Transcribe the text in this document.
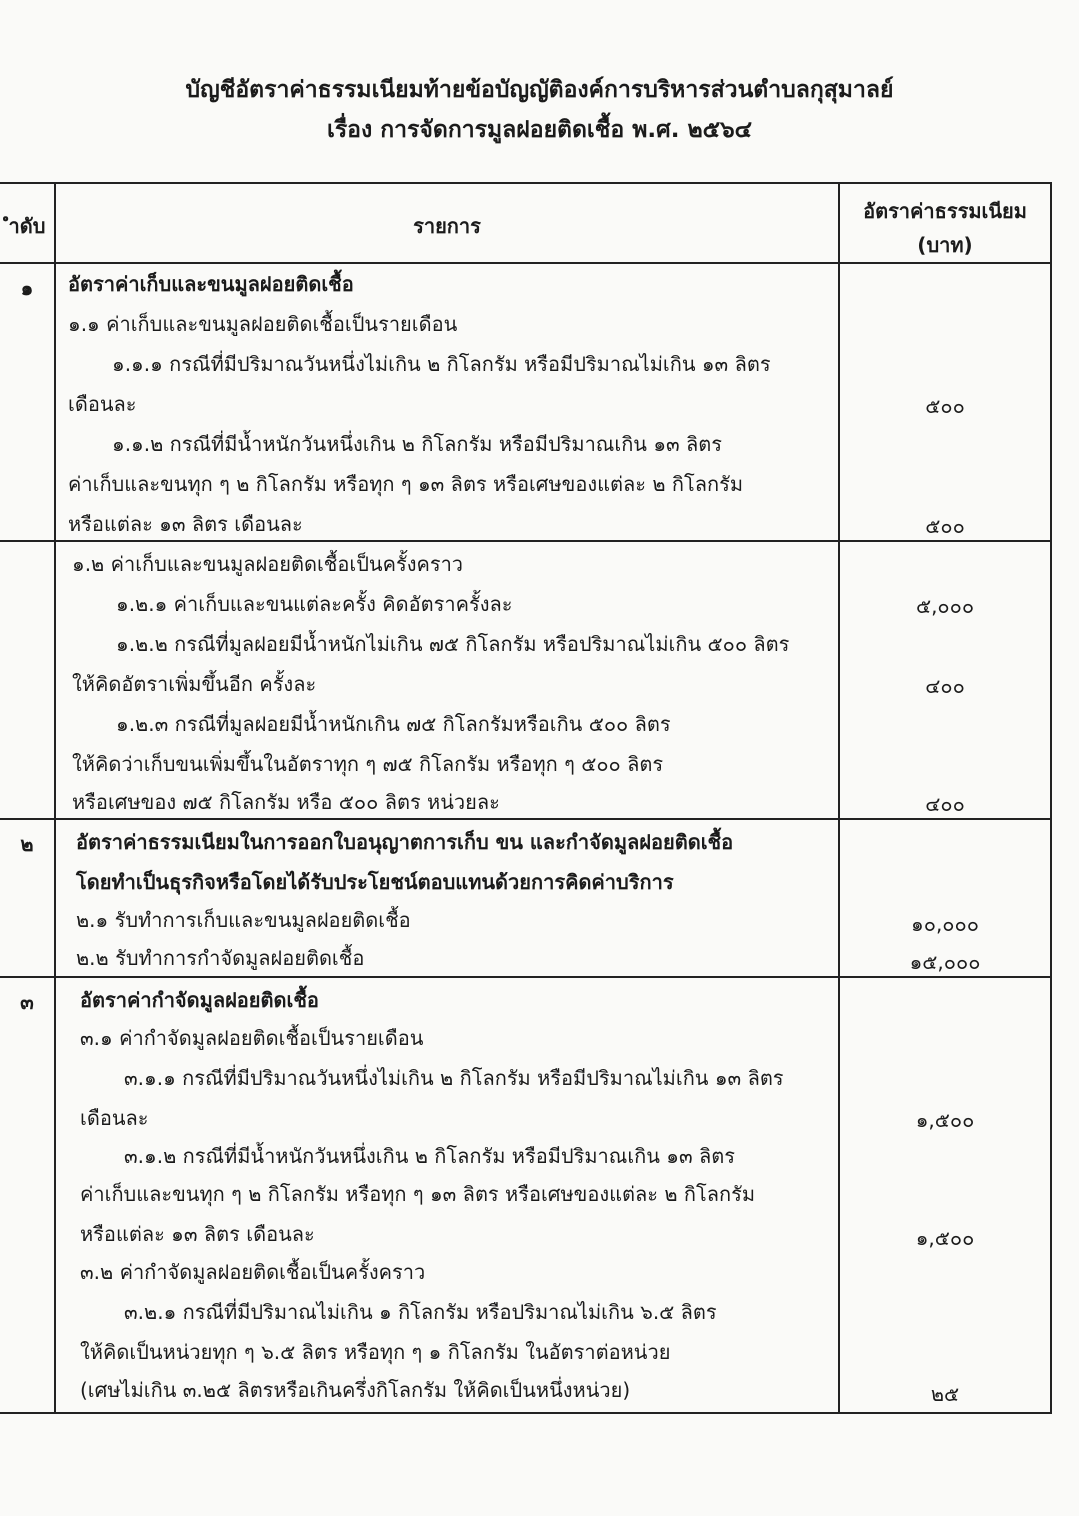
บัญชีอัตราค่าธรรมเนียมท้ายข้อบัญญัติองค์การบริหารส่วนตำบลกุสุมาลย์
เรื่อง การจัดการมูลฝอยติดเชื้อ พ.ศ. ๒๕๖๔
ำดับ	รายการ
อัตราค่าธรรมเนียม
(บาท)
๑
๒
๓
อัตราค่าเก็บและขนมูลฝอยติดเชื้อ
๑.๑ ค่าเก็บและขนมูลฝอยติดเชื้อเป็นรายเดือน
๑.๑.๑ กรณีที่มีปริมาณวันหนึ่งไม่เกิน ๒ กิโลกรัม หรือมีปริมาณไม่เกิน ๑๓ ลิตร
เดือนละ
๑.๑.๒ กรณีที่มีน้ำหนักวันหนึ่งเกิน ๒ กิโลกรัม หรือมีปริมาณเกิน ๑๓ ลิตร
ค่าเก็บและขนทุก ๆ ๒ กิโลกรัม หรือทุก ๆ ๑๓ ลิตร หรือเศษของแต่ละ ๒ กิโลกรัม
หรือแต่ละ ๑๓ ลิตร เดือนละ
๑.๒ ค่าเก็บและขนมูลฝอยติดเชื้อเป็นครั้งคราว
๑.๒.๑ ค่าเก็บและขนแต่ละครั้ง คิดอัตราครั้งละ
๑.๒.๒ กรณีที่มูลฝอยมีน้ำหนักไม่เกิน ๗๕ กิโลกรัม หรือปริมาณไม่เกิน ๕๐๐ ลิตร
ให้คิดอัตราเพิ่มขึ้นอีก ครั้งละ
๑.๒.๓ กรณีที่มูลฝอยมีน้ำหนักเกิน ๗๕ กิโลกรัมหรือเกิน ๕๐๐ ลิตร
ให้คิดว่าเก็บขนเพิ่มขึ้นในอัตราทุก ๆ ๗๕ กิโลกรัม หรือทุก ๆ ๕๐๐ ลิตร
หรือเศษของ ๗๕ กิโลกรัม หรือ ๕๐๐ ลิตร หน่วยละ
อัตราค่าธรรมเนียมในการออกใบอนุญาตการเก็บ ขน และกำจัดมูลฝอยติดเชื้อ
โดยทำเป็นธุรกิจหรือโดยได้รับประโยชน์ตอบแทนด้วยการคิดค่าบริการ
๒.๑ รับทำการเก็บและขนมูลฝอยติดเชื้อ
๒.๒ รับทำการกำจัดมูลฝอยติดเชื้อ
อัตราค่ากำจัดมูลฝอยติดเชื้อ
๓.๑ ค่ากำจัดมูลฝอยติดเชื้อเป็นรายเดือน
๓.๑.๑ กรณีที่มีปริมาณวันหนึ่งไม่เกิน ๒ กิโลกรัม หรือมีปริมาณไม่เกิน ๑๓ ลิตร
เดือนละ
๓.๑.๒ กรณีที่มีน้ำหนักวันหนึ่งเกิน ๒ กิโลกรัม หรือมีปริมาณเกิน ๑๓ ลิตร
ค่าเก็บและขนทุก ๆ ๒ กิโลกรัม หรือทุก ๆ ๑๓ ลิตร หรือเศษของแต่ละ ๒ กิโลกรัม
หรือแต่ละ ๑๓ ลิตร เดือนละ
๓.๒ ค่ากำจัดมูลฝอยติดเชื้อเป็นครั้งคราว
๓.๒.๑ กรณีที่มีปริมาณไม่เกิน ๑ กิโลกรัม หรือปริมาณไม่เกิน ๖.๕ ลิตร
ให้คิดเป็นหน่วยทุก ๆ ๖.๕ ลิตร หรือทุก ๆ ๑ กิโลกรัม ในอัตราต่อหน่วย
(เศษไม่เกิน ๓.๒๕ ลิตรหรือเกินครึ่งกิโลกรัม ให้คิดเป็นหนึ่งหน่วย)
๕๐๐
๕๐๐
๕,๐๐๐
๔๐๐
๔๐๐
๑๐,๐๐๐
๑๕,๐๐๐
๑,๕๐๐
๑,๕๐๐
๒๕
